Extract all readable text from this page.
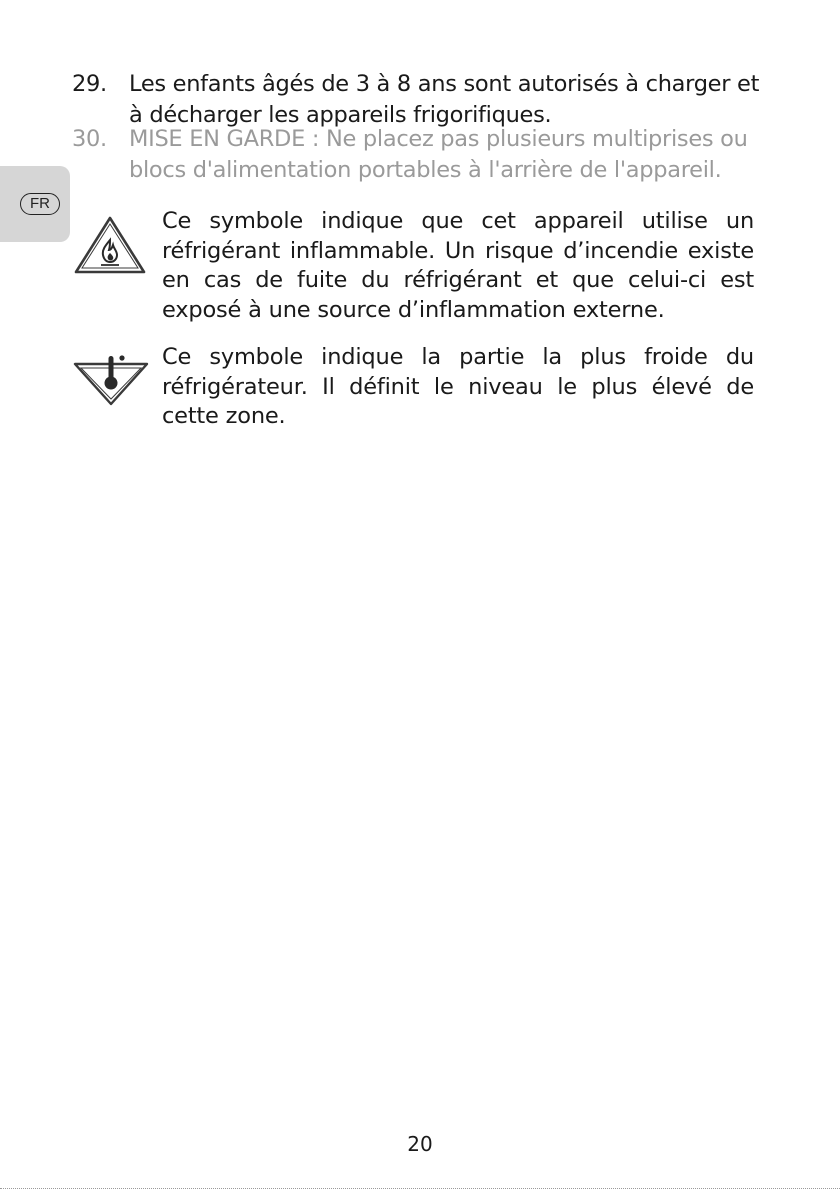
FR
29. Les enfants âgés de 3 à 8 ans sont autorisés à charger et à décharger les appareils frigorifiques.
30. MISE EN GARDE : Ne placez pas plusieurs multiprises ou blocs d'alimentation portables à l'arrière de l'appareil.
Ce symbole indique que cet appareil utilise un réfrigérant inflammable. Un risque d’incendie existe en cas de fuite du réfrigérant et que celui-ci est exposé à une source d’inflammation externe.
Ce symbole indique la partie la plus froide du réfrigérateur. Il définit le niveau le plus élevé de cette zone.
20
